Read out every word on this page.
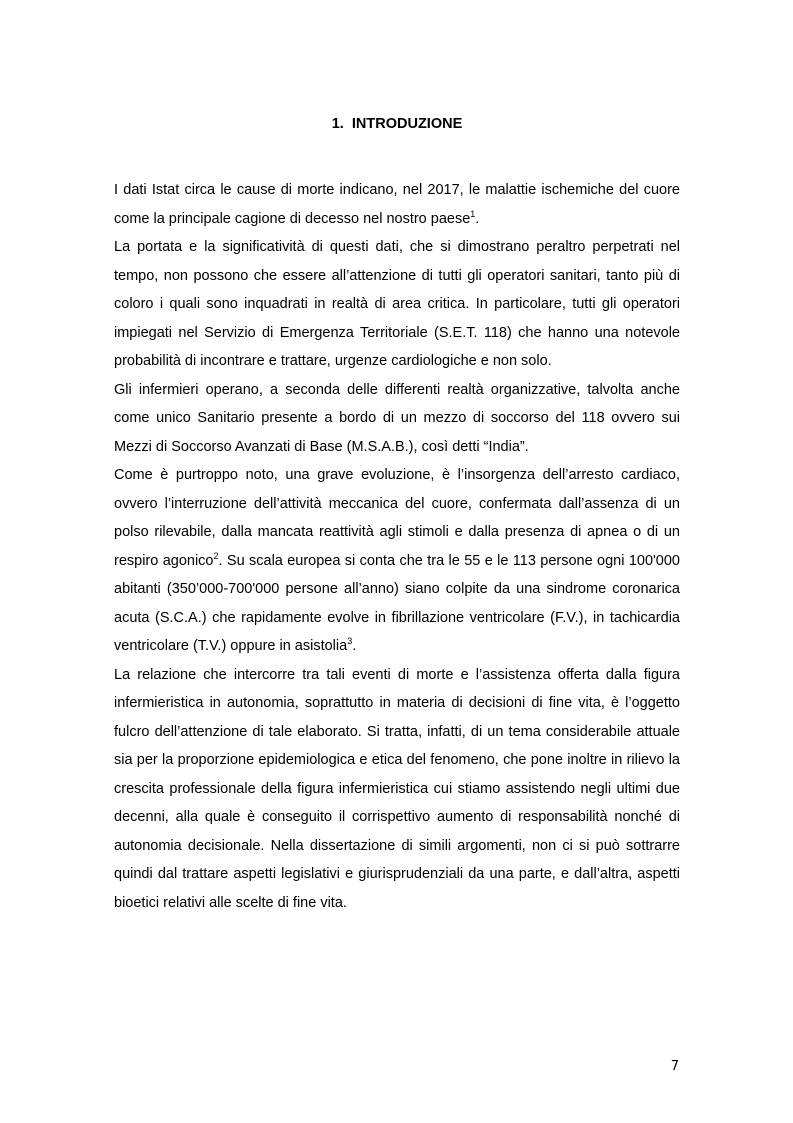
1. INTRODUZIONE

I dati Istat circa le cause di morte indicano, nel 2017, le malattie ischemiche del cuore come la principale cagione di decesso nel nostro paese$^1$.

La portata e la significatività di questi dati, che si dimostrano peraltro perpetrati nel tempo, non possono che essere all’attenzione di tutti gli operatori sanitari, tanto più di coloro i quali sono inquadrati in realtà di area critica. In particolare, tutti gli operatori impiegati nel Servizio di Emergenza Territoriale (S.E.T. 118) che hanno una notevole probabilità di incontrare e trattare, urgenze cardiologiche e non solo.

Gli infermieri operano, a seconda delle differenti realtà organizzative, talvolta anche come unico Sanitario presente a bordo di un mezzo di soccorso del 118 ovvero sui Mezzi di Soccorso Avanzati di Base (M.S.A.B.), così detti “India”.

Come è purtroppo noto, una grave evoluzione, è l’insorgenza dell’arresto cardiaco, ovvero l’interruzione dell’attività meccanica del cuore, confermata dall’assenza di un polso rilevabile, dalla mancata reattività agli stimoli e dalla presenza di apnea o di un respiro agonico$^2$. Su scala europea si conta che tra le 55 e le 113 persone ogni 100'000 abitanti (350’000-700'000 persone all’anno) siano colpite da una sindrome coronarica acuta (S.C.A.) che rapidamente evolve in fibrillazione ventricolare (F.V.), in tachicardia ventricolare (T.V.) oppure in asistolia$^3$.

La relazione che intercorre tra tali eventi di morte e l’assistenza offerta dalla figura infermieristica in autonomia, soprattutto in materia di decisioni di fine vita, è l’oggetto fulcro dell’attenzione di tale elaborato. Si tratta, infatti, di un tema considerabile attuale sia per la proporzione epidemiologica e etica del fenomeno, che pone inoltre in rilievo la crescita professionale della figura infermieristica cui stiamo assistendo negli ultimi due decenni, alla quale è conseguito il corrispettivo aumento di responsabilità nonché di autonomia decisionale. Nella dissertazione di simili argomenti, non ci si può sottrarre quindi dal trattare aspetti legislativi e giurisprudenziali da una parte, e dall’altra, aspetti bioetici relativi alle scelte di fine vita.

7
